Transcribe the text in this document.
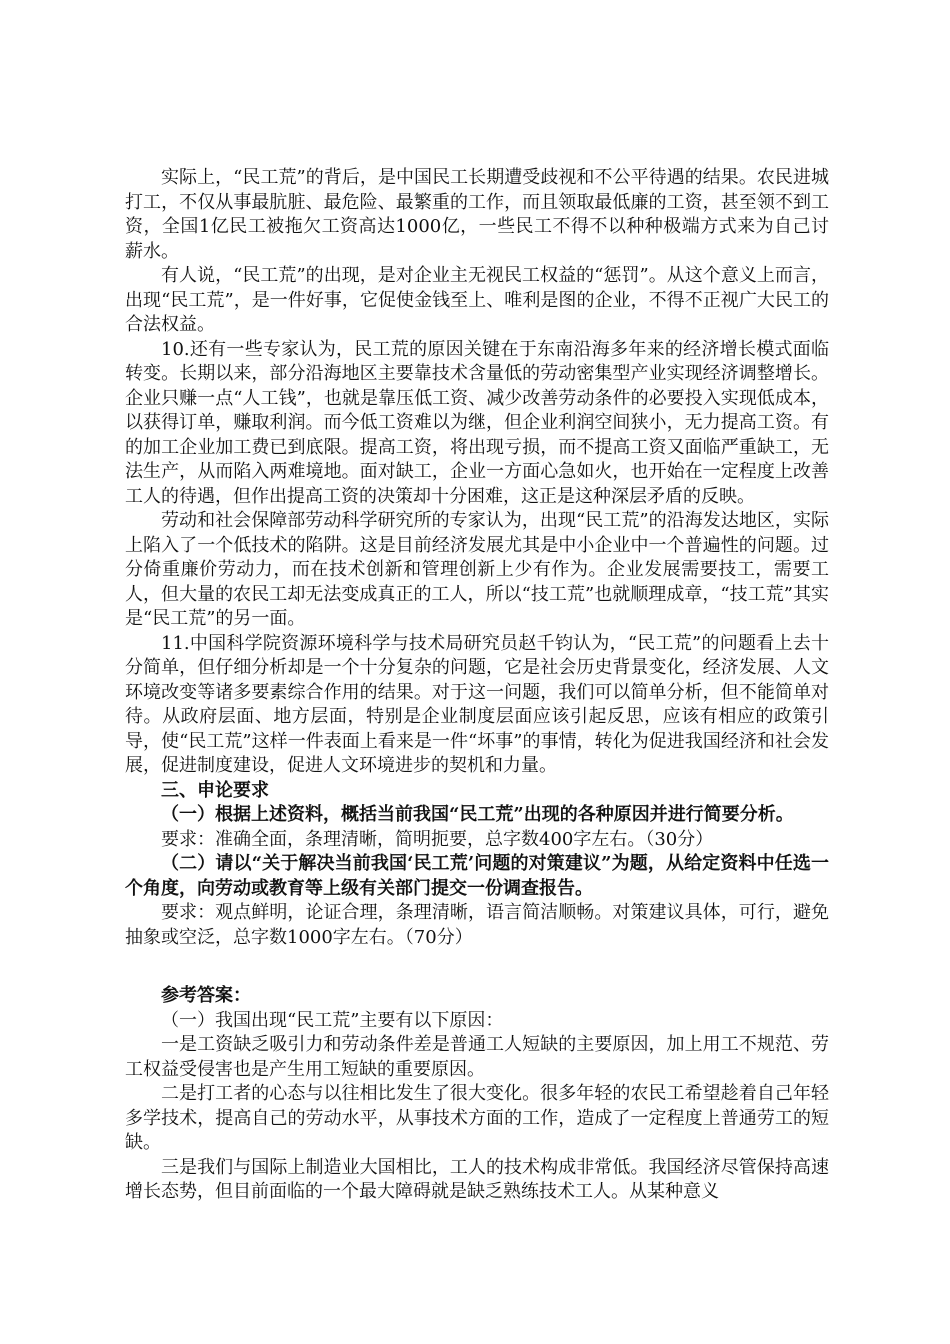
实际上，“民工荒”的背后，是中国民工长期遭受歧视和不公平待遇的结果。农民进城打工，不仅从事最肮脏、最危险、最繁重的工作，而且领取最低廉的工资，甚至领不到工资，全国1亿民工被拖欠工资高达1000亿，一些民工不得不以种种极端方式来为自己讨薪水。

有人说，“民工荒”的出现，是对企业主无视民工权益的“惩罚”。从这个意义上而言，出现“民工荒”，是一件好事，它促使金钱至上、唯利是图的企业，不得不正视广大民工的合法权益。

10.还有一些专家认为，民工荒的原因关键在于东南沿海多年来的经济增长模式面临转变。长期以来，部分沿海地区主要靠技术含量低的劳动密集型产业实现经济调整增长。企业只赚一点“人工钱”，也就是靠压低工资、减少改善劳动条件的必要投入实现低成本，以获得订单，赚取利润。而今低工资难以为继，但企业利润空间狭小，无力提高工资。有的加工企业加工费已到底限。提高工资，将出现亏损，而不提高工资又面临严重缺工，无法生产，从而陷入两难境地。面对缺工，企业一方面心急如火，也开始在一定程度上改善工人的待遇，但作出提高工资的决策却十分困难，这正是这种深层矛盾的反映。

劳动和社会保障部劳动科学研究所的专家认为，出现“民工荒”的沿海发达地区，实际上陷入了一个低技术的陷阱。这是目前经济发展尤其是中小企业中一个普遍性的问题。过分倚重廉价劳动力，而在技术创新和管理创新上少有作为。企业发展需要技工，需要工人，但大量的农民工却无法变成真正的工人，所以“技工荒”也就顺理成章，“技工荒”其实是“民工荒”的另一面。

11.中国科学院资源环境科学与技术局研究员赵千钧认为，“民工荒”的问题看上去十分简单，但仔细分析却是一个十分复杂的问题，它是社会历史背景变化，经济发展、人文环境改变等诸多要素综合作用的结果。对于这一问题，我们可以简单分析，但不能简单对待。从政府层面、地方层面，特别是企业制度层面应该引起反思，应该有相应的政策引导，使“民工荒”这样一件表面上看来是一件“坏事”的事情，转化为促进我国经济和社会发展，促进制度建设，促进人文环境进步的契机和力量。

三、申论要求

（一）根据上述资料，概括当前我国“民工荒”出现的各种原因并进行简要分析。

要求：准确全面，条理清晰，简明扼要，总字数400字左右。（30分）

（二）请以“关于解决当前我国‘民工荒’问题的对策建议”为题，从给定资料中任选一个角度，向劳动或教育等上级有关部门提交一份调查报告。

要求：观点鲜明，论证合理，条理清晰，语言简洁顺畅。对策建议具体，可行，避免抽象或空泛，总字数1000字左右。（70分）

参考答案：

（一）我国出现“民工荒”主要有以下原因：

一是工资缺乏吸引力和劳动条件差是普通工人短缺的主要原因，加上用工不规范、劳工权益受侵害也是产生用工短缺的重要原因。

二是打工者的心态与以往相比发生了很大变化。很多年轻的农民工希望趁着自己年轻多学技术，提高自己的劳动水平，从事技术方面的工作，造成了一定程度上普通劳工的短缺。

三是我们与国际上制造业大国相比，工人的技术构成非常低。我国经济尽管保持高速增长态势，但目前面临的一个最大障碍就是缺乏熟练技术工人。从某种意义
